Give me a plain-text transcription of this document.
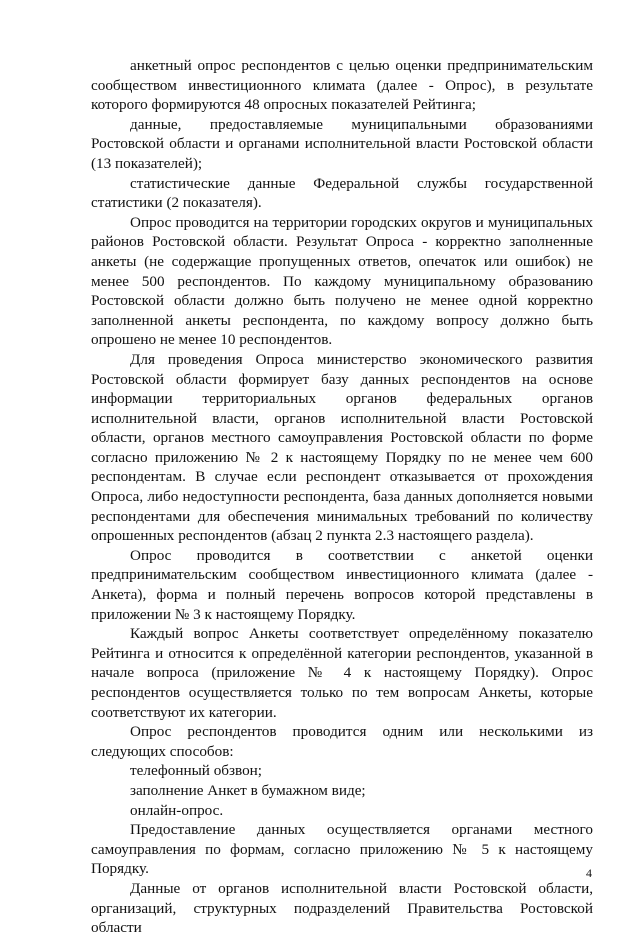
анкетный опрос респондентов с целью оценки предпринимательским сообществом инвестиционного климата (далее - Опрос), в результате которого формируются 48 опросных показателей Рейтинга;

данные, предоставляемые муниципальными образованиями Ростовской области и органами исполнительной власти Ростовской области (13 показателей);

статистические данные Федеральной службы государственной статистики (2 показателя).

Опрос проводится на территории городских округов и муниципальных районов Ростовской области. Результат Опроса - корректно заполненные анкеты (не содержащие пропущенных ответов, опечаток или ошибок) не менее 500 респондентов. По каждому муниципальному образованию Ростовской области должно быть получено не менее одной корректно заполненной анкеты респондента, по каждому вопросу должно быть опрошено не менее 10 респондентов.

Для проведения Опроса министерство экономического развития Ростовской области формирует базу данных респондентов на основе информации территориальных органов федеральных органов исполнительной власти, органов исполнительной власти Ростовской области, органов местного самоуправления Ростовской области по форме согласно приложению № 2 к настоящему Порядку по не менее чем 600 респондентам. В случае если респондент отказывается от прохождения Опроса, либо недоступности респондента, база данных дополняется новыми респондентами для обеспечения минимальных требований по количеству опрошенных респондентов (абзац 2 пункта 2.3 настоящего раздела).

Опрос проводится в соответствии с анкетой оценки предпринимательским сообществом инвестиционного климата (далее - Анкета), форма и полный перечень вопросов которой представлены в приложении № 3 к настоящему Порядку.

Каждый вопрос Анкеты соответствует определённому показателю Рейтинга и относится к определённой категории респондентов, указанной в начале вопроса (приложение № 4 к настоящему Порядку). Опрос респондентов осуществляется только по тем вопросам Анкеты, которые соответствуют их категории.

Опрос респондентов проводится одним или несколькими из следующих способов:

телефонный обзвон;

заполнение Анкет в бумажном виде;

онлайн-опрос.

Предоставление данных осуществляется органами местного самоуправления по формам, согласно приложению № 5 к настоящему Порядку.

Данные от органов исполнительной власти Ростовской области, организаций, структурных подразделений Правительства Ростовской области

4
